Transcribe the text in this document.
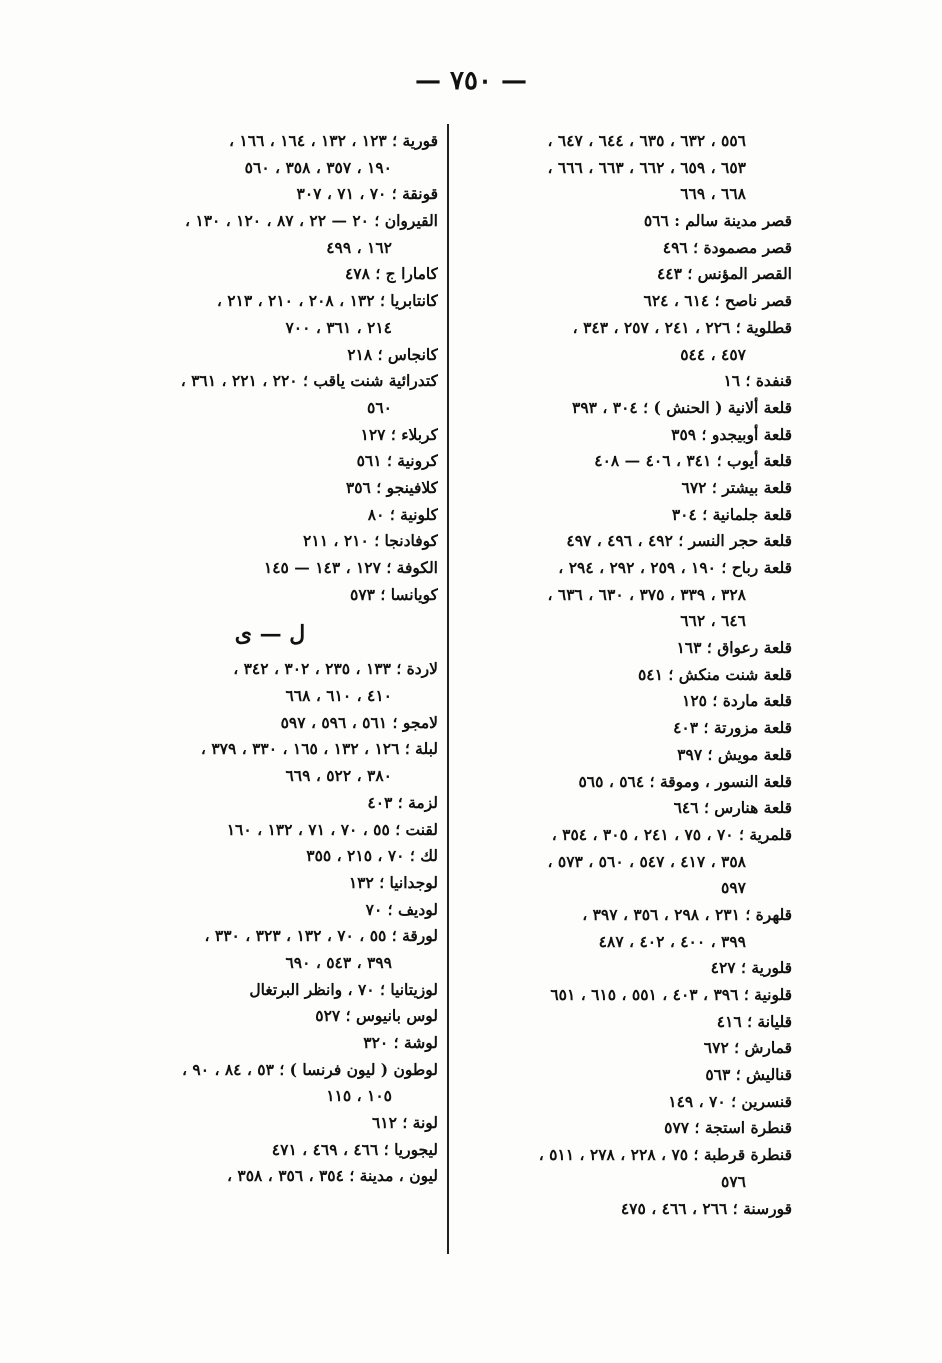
— ٧٥٠ —
٥٥٦ ، ٦٣٢ ، ٦٣٥ ، ٦٤٤ ، ٦٤٧ ،
٦٥٣ ، ٦٥٩ ، ٦٦٢ ، ٦٦٣ ، ٦٦٦ ،
٦٦٨ ، ٦٦٩
قصر مدينة سالم : ٥٦٦
قصر مصمودة ؛ ٤٩٦
القصر المؤنس ؛ ٤٤٣
قصر ناصح ؛ ٦١٤ ، ٦٢٤
قطلوية ؛ ٢٢٦ ، ٢٤١ ، ٢٥٧ ، ٣٤٣ ،
٤٥٧ ، ٥٤٤
قنفدة ؛ ١٦
قلعة ألانية ( الحنش ) ؛ ٣٠٤ ، ٣٩٣
قلعة أوبيجدو ؛ ٣٥٩
قلعة أيوب ؛ ٣٤١ ، ٤٠٦ — ٤٠٨
قلعة بيشتر ؛ ٦٧٢
قلعة جلمانية ؛ ٣٠٤
قلعة حجر النسر ؛ ٤٩٢ ، ٤٩٦ ، ٤٩٧
قلعة رباح ؛ ١٩٠ ، ٢٥٩ ، ٢٩٢ ، ٢٩٤ ،
٣٢٨ ، ٣٣٩ ، ٣٧٥ ، ٦٣٠ ، ٦٣٦ ،
٦٤٦ ، ٦٦٢
قلعة رعواق ؛ ١٦٣
قلعة شنت منكش ؛ ٥٤١
قلعة ماردة ؛ ١٢٥
قلعة مزورتة ؛ ٤٠٣
قلعة مويش ؛ ٣٩٧
قلعة النسور ، وموقة ؛ ٥٦٤ ، ٥٦٥
قلعة هنارس ؛ ٦٤٦
قلمرية ؛ ٧٠ ، ٧٥ ، ٢٤١ ، ٣٠٥ ، ٣٥٤ ،
٣٥٨ ، ٤١٧ ، ٥٤٧ ، ٥٦٠ ، ٥٧٣ ،
٥٩٧
قلهرة ؛ ٢٣١ ، ٢٩٨ ، ٣٥٦ ، ٣٩٧ ،
٣٩٩ ، ٤٠٠ ، ٤٠٢ ، ٤٨٧
قلورية ؛ ٤٢٧
قلونية ؛ ٣٩٦ ، ٤٠٣ ، ٥٥١ ، ٦١٥ ، ٦٥١
قليانة ؛ ٤١٦
قمارش ؛ ٦٧٢
قناليش ؛ ٥٦٣
قنسرين ؛ ٧٠ ، ١٤٩
قنطرة استجة ؛ ٥٧٧
قنطرة قرطبة ؛ ٧٥ ، ٢٢٨ ، ٢٧٨ ، ٥١١ ،
٥٧٦
قورسنة ؛ ٢٦٦ ، ٤٦٦ ، ٤٧٥
قورية ؛ ١٢٣ ، ١٣٢ ، ١٦٤ ، ١٦٦ ،
١٩٠ ، ٣٥٧ ، ٣٥٨ ، ٥٦٠
قونقة ؛ ٧٠ ، ٧١ ، ٣٠٧
القيروان ؛ ٢٠ — ٢٢ ، ٨٧ ، ١٢٠ ، ١٣٠ ،
١٦٢ ، ٤٩٩
كامارا ج ؛ ٤٧٨
كانتابريا ؛ ١٣٢ ، ٢٠٨ ، ٢١٠ ، ٢١٣ ،
٢١٤ ، ٣٦١ ، ٧٠٠
كانجاس ؛ ٢١٨
كتدرائية شنت ياقب ؛ ٢٢٠ ، ٢٢١ ، ٣٦١ ،
٥٦٠
كربلاء ؛ ١٢٧
كرونية ؛ ٥٦١
كلافينجو ؛ ٣٥٦
كلونية ؛ ٨٠
كوفادنجا ؛ ٢١٠ ، ٢١١
الكوفة ؛ ١٢٧ ، ١٤٣ — ١٤٥
كويانسا ؛ ٥٧٣
ل — ى
لاردة ؛ ١٣٣ ، ٢٣٥ ، ٣٠٢ ، ٣٤٢ ،
٤١٠ ، ٦١٠ ، ٦٦٨
لامجو ؛ ٥٦١ ، ٥٩٦ ، ٥٩٧
لبلة ؛ ١٢٦ ، ١٣٢ ، ١٦٥ ، ٣٣٠ ، ٣٧٩ ،
٣٨٠ ، ٥٢٢ ، ٦٦٩
لزمة ؛ ٤٠٣
لقنت ؛ ٥٥ ، ٧٠ ، ٧١ ، ١٣٢ ، ١٦٠
لك ؛ ٧٠ ، ٢١٥ ، ٣٥٥
لوجدانيا ؛ ١٣٢
لوديف ؛ ٧٠
لورقة ؛ ٥٥ ، ٧٠ ، ١٣٢ ، ٣٢٣ ، ٣٣٠ ،
٣٩٩ ، ٥٤٣ ، ٦٩٠
لوزيتانيا ؛ ٧٠ ، وانظر البرتغال
لوس بانيوس ؛ ٥٢٧
لوشة ؛ ٣٢٠
لوطون ( ليون فرنسا ) ؛ ٥٣ ، ٨٤ ، ٩٠ ،
١٠٥ ، ١١٥
لونة ؛ ٦١٢
ليجوريا ؛ ٤٦٦ ، ٤٦٩ ، ٤٧١
ليون ، مدينة ؛ ٣٥٤ ، ٣٥٦ ، ٣٥٨ ،
